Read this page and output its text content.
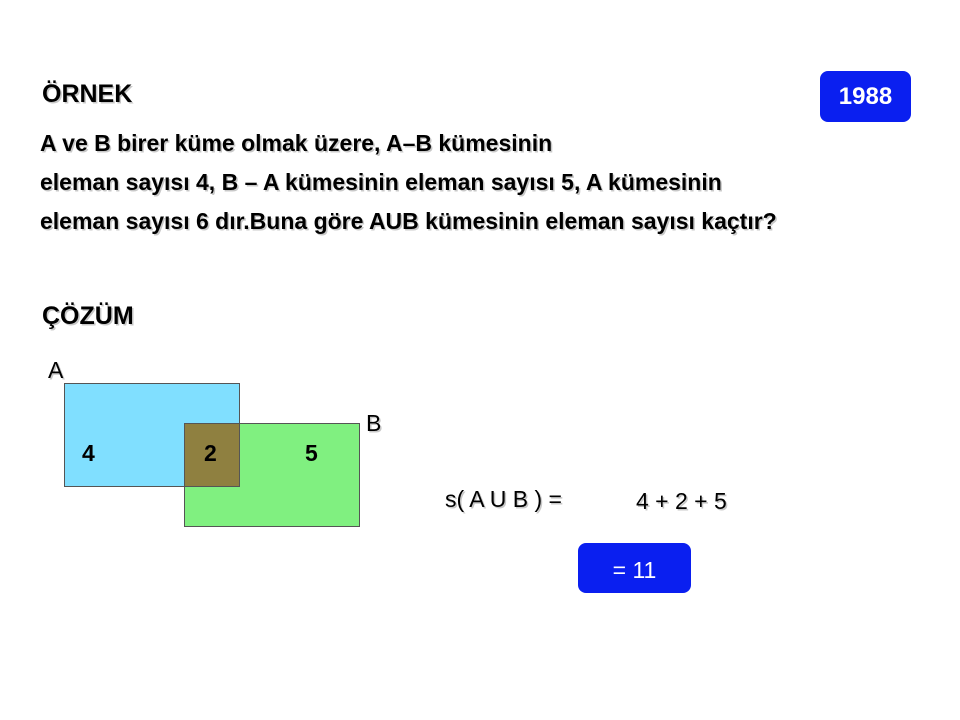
ÖRNEK	1988
A ve B birer küme olmak üzere, A–B kümesinin
eleman sayısı 4, B – A kümesinin eleman sayısı 5, A kümesinin
eleman sayısı 6 dır.Buna göre AUB kümesinin eleman sayısı kaçtır?
ÇÖZÜM
A
B
4	2	5
s( A U B ) =	4 + 2 + 5
= 11
